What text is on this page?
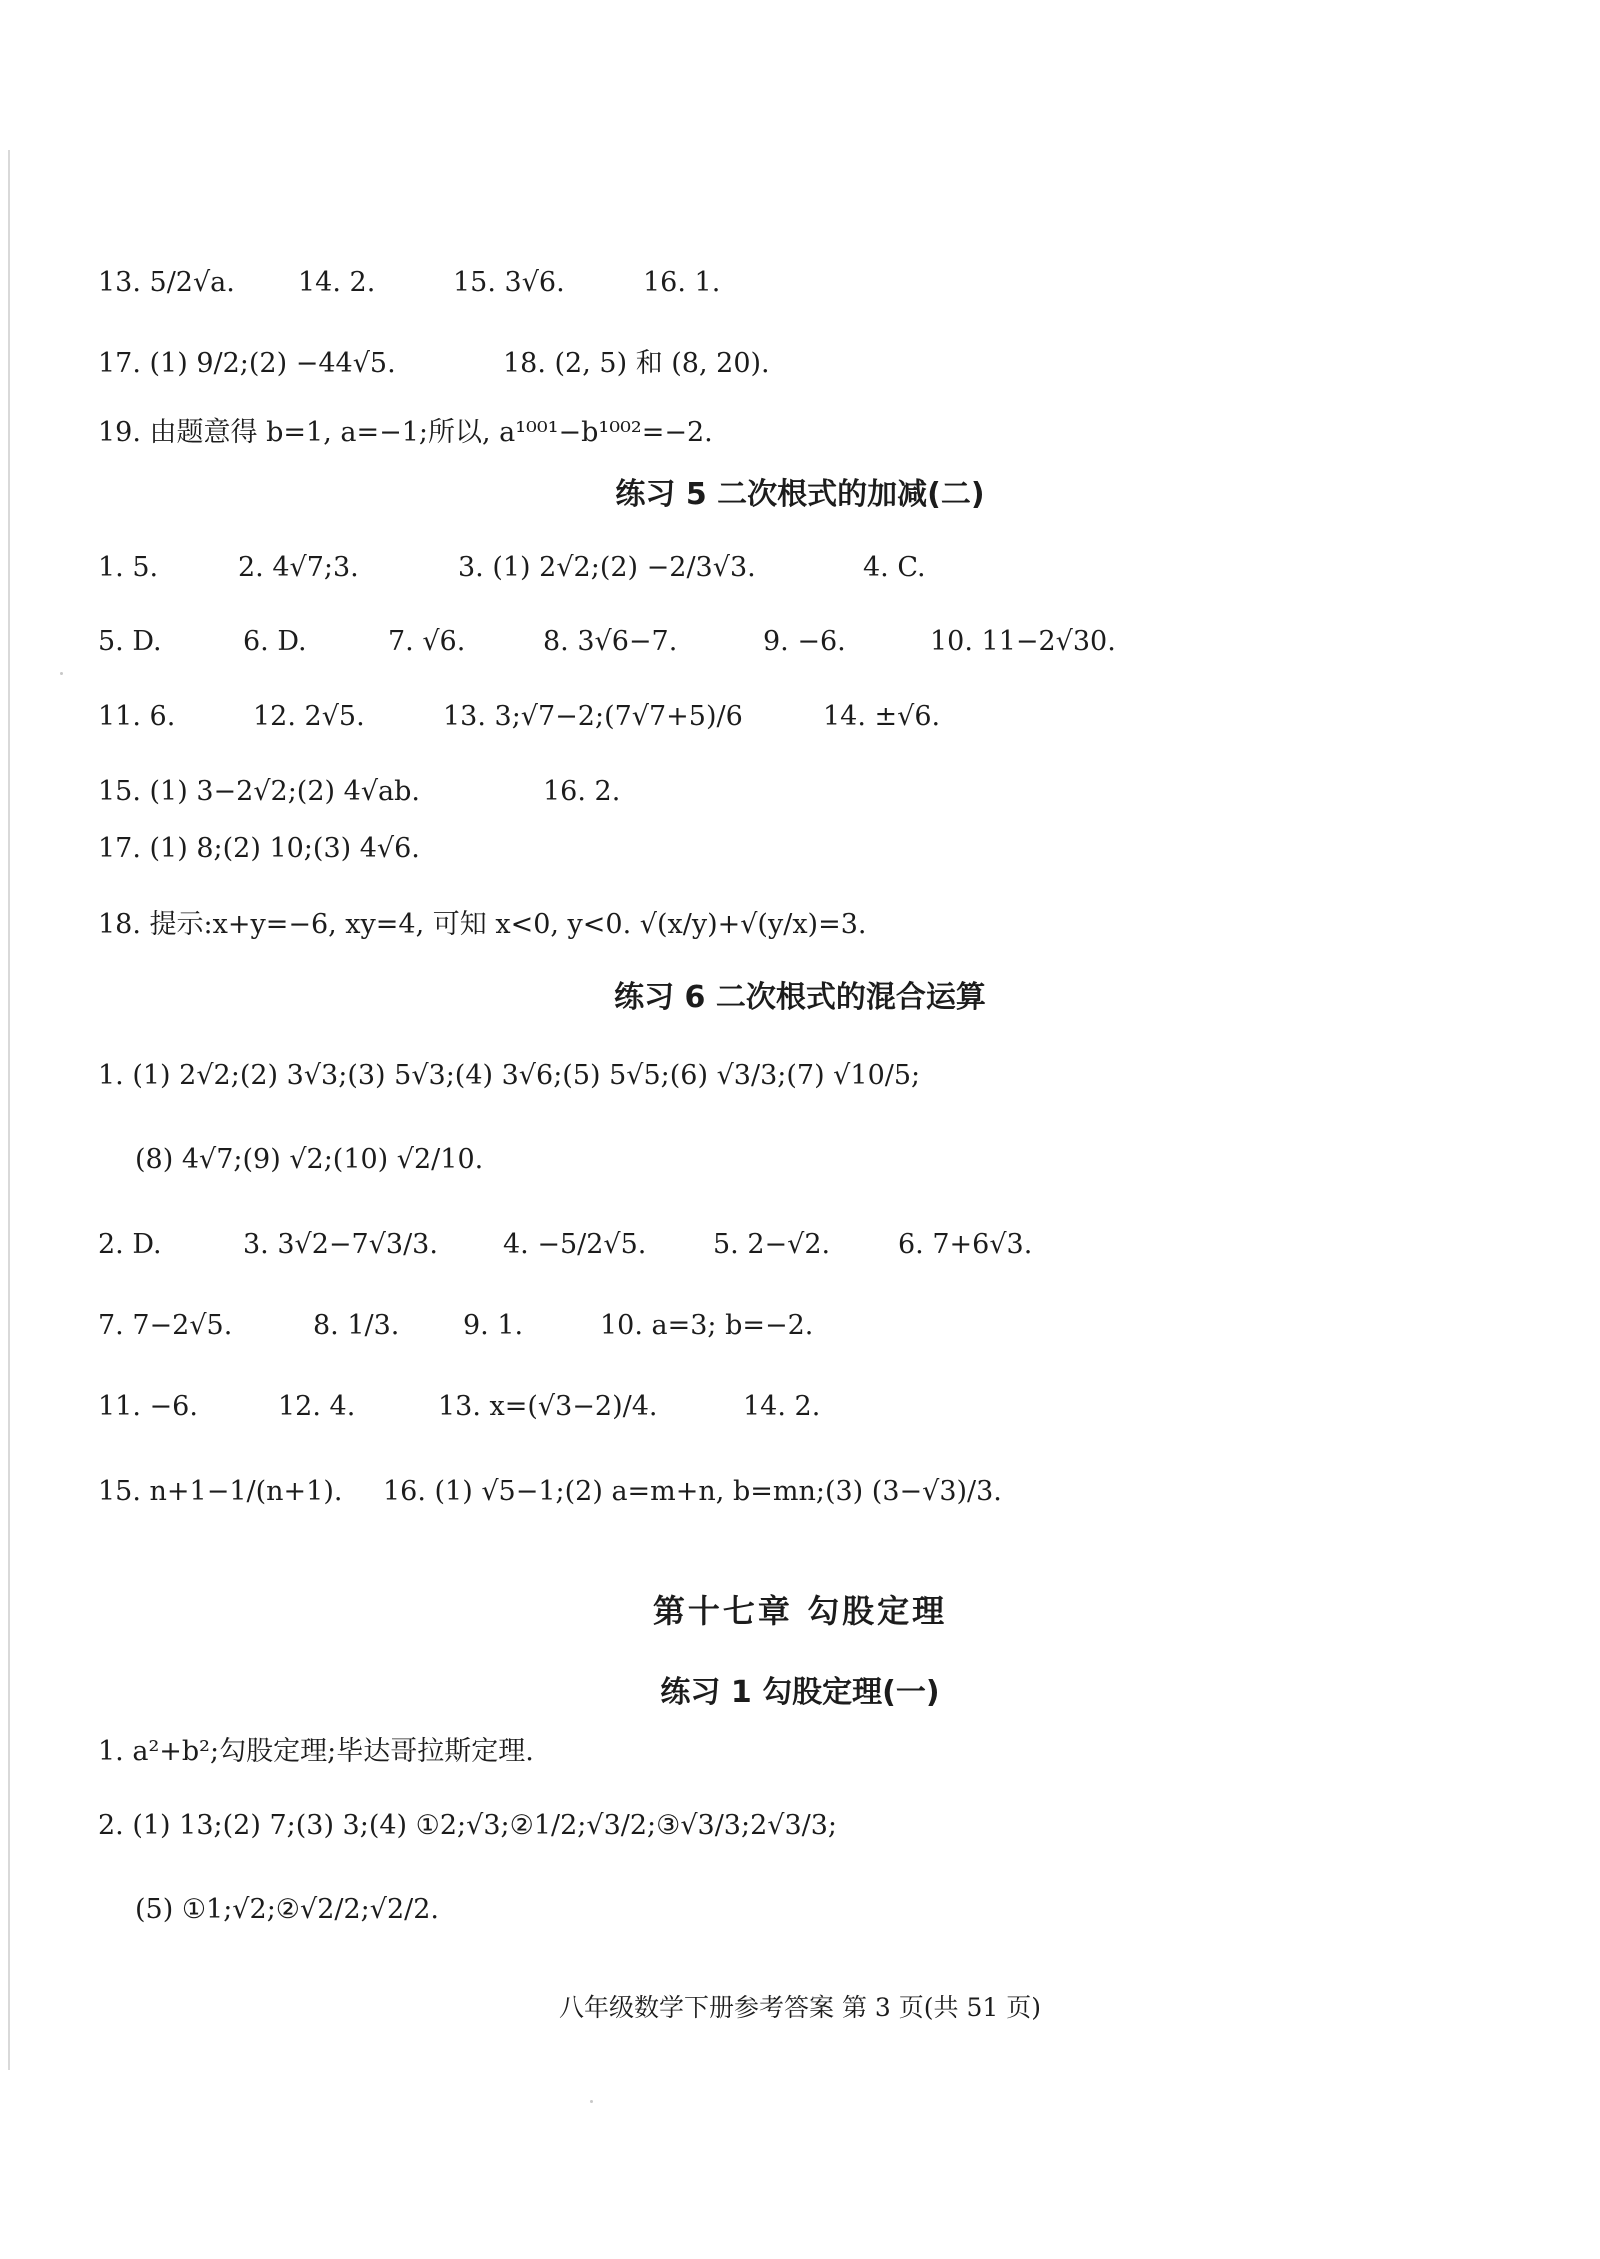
13. 5/2√a. 14. 2.	15. 3√6.	16. 1.
17. (1) 9/2;(2) −44√5.	18. (2, 5) 和 (8, 20).
19. 由题意得 b=1, a=−1;所以, a¹⁰⁰¹−b¹⁰⁰²=−2.
练习 5 二次根式的加减(二)
1. 5.	2. 4√7;3.	3. (1) 2√2;(2) −2/3√3.	4. C.
5. D.	6. D.	7. √6.	8. 3√6−7.	9. −6.	10. 11−2√30.
11. 6.	12. 2√5.	13. 3;√7−2;(7√7+5)/6	14. ±√6.
15. (1) 3−2√2;(2) 4√ab.	16. 2.
17. (1) 8;(2) 10;(3) 4√6.
18. 提示:x+y=−6, xy=4, 可知 x<0, y<0. √(x/y)+√(y/x)=3.
练习 6 二次根式的混合运算
1. (1) 2√2;(2) 3√3;(3) 5√3;(4) 3√6;(5) 5√5;(6) √3/3;(7) √10/5;
(8) 4√7;(9) √2;(10) √2/10.
2. D.	3. 3√2−7√3/3. 4. −5/2√5. 5. 2−√2.	6. 7+6√3.
7. 7−2√5.	8. 1/3. 9. 1.	10. a=3; b=−2.
11. −6.	12. 4.	13. x=(√3−2)/4.	14. 2.
15. n+1−1/(n+1). 16. (1) √5−1;(2) a=m+n, b=mn;(3) (3−√3)/3.
第十七章 勾股定理
练习 1 勾股定理(一)
1. a²+b²;勾股定理;毕达哥拉斯定理.
2. (1) 13;(2) 7;(3) 3;(4) ①2;√3;②1/2;√3/2;③√3/3;2√3/3;
(5) ①1;√2;②√2/2;√2/2.
八年级数学下册参考答案 第 3 页(共 51 页)
